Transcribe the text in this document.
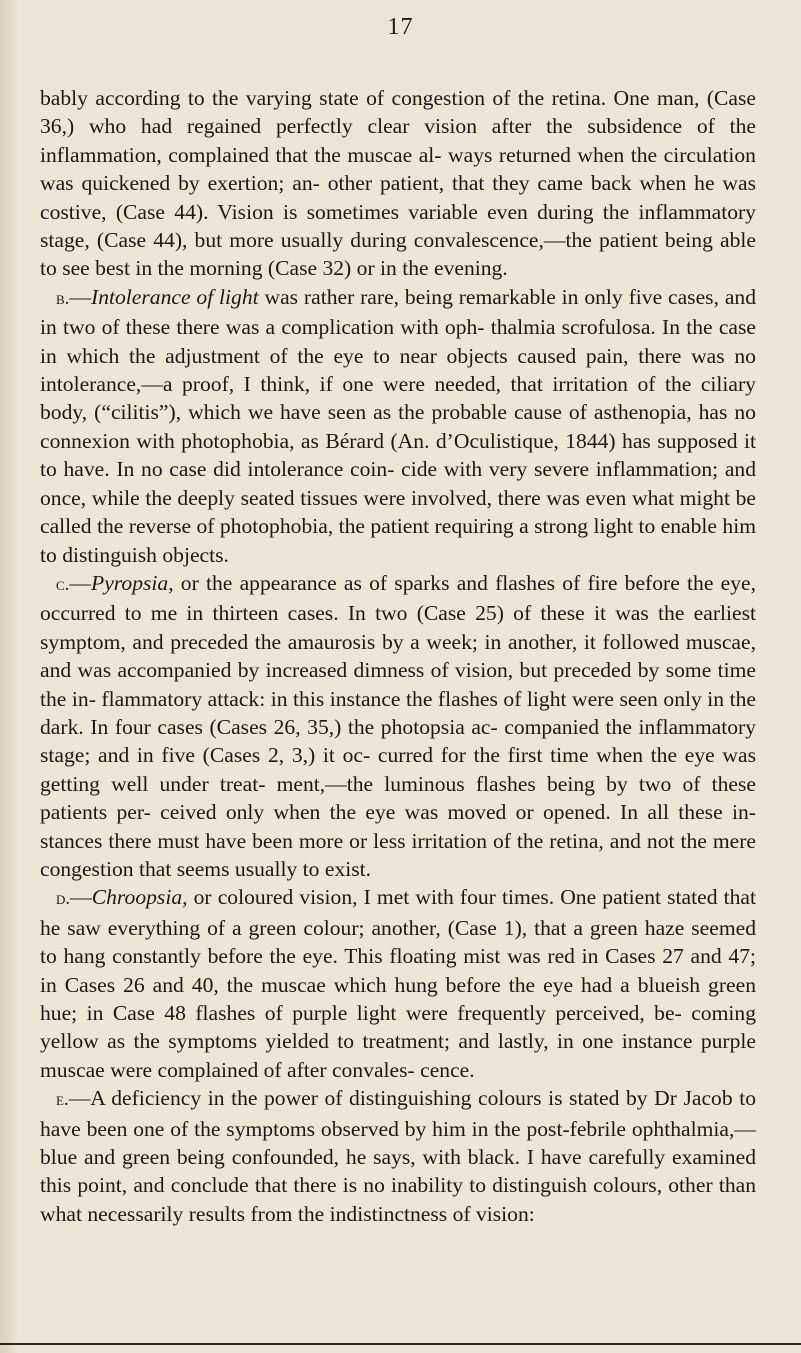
17

bably according to the varying state of congestion of the retina. One man, (Case 36,) who had regained perfectly clear vision after the subsidence of the inflammation, complained that the muscae al- ways returned when the circulation was quickened by exertion; an- other patient, that they came back when he was costive, (Case 44). Vision is sometimes variable even during the inflammatory stage, (Case 44), but more usually during convalescence,—the patient being able to see best in the morning (Case 32) or in the evening.

b.—Intolerance of light was rather rare, being remarkable in only five cases, and in two of these there was a complication with oph- thalmia scrofulosa. In the case in which the adjustment of the eye to near objects caused pain, there was no intolerance,—a proof, I think, if one were needed, that irritation of the ciliary body, (“cilitis”), which we have seen as the probable cause of asthenopia, has no connexion with photophobia, as Bérard (An. d’Oculistique, 1844) has supposed it to have. In no case did intolerance coin- cide with very severe inflammation; and once, while the deeply seated tissues were involved, there was even what might be called the reverse of photophobia, the patient requiring a strong light to enable him to distinguish objects.

c.—Pyropsia, or the appearance as of sparks and flashes of fire before the eye, occurred to me in thirteen cases. In two (Case 25) of these it was the earliest symptom, and preceded the amaurosis by a week; in another, it followed muscae, and was accompanied by increased dimness of vision, but preceded by some time the in- flammatory attack: in this instance the flashes of light were seen only in the dark. In four cases (Cases 26, 35,) the photopsia ac- companied the inflammatory stage; and in five (Cases 2, 3,) it oc- curred for the first time when the eye was getting well under treat- ment,—the luminous flashes being by two of these patients per- ceived only when the eye was moved or opened. In all these in- stances there must have been more or less irritation of the retina, and not the mere congestion that seems usually to exist.

d.—Chroopsia, or coloured vision, I met with four times. One patient stated that he saw everything of a green colour; another, (Case 1), that a green haze seemed to hang constantly before the eye. This floating mist was red in Cases 27 and 47; in Cases 26 and 40, the muscae which hung before the eye had a blueish green hue; in Case 48 flashes of purple light were frequently perceived, be- coming yellow as the symptoms yielded to treatment; and lastly, in one instance purple muscae were complained of after convales- cence.

e.—A deficiency in the power of distinguishing colours is stated by Dr Jacob to have been one of the symptoms observed by him in the post-febrile ophthalmia,—blue and green being confounded, he says, with black. I have carefully examined this point, and conclude that there is no inability to distinguish colours, other than what necessarily results from the indistinctness of vision:
